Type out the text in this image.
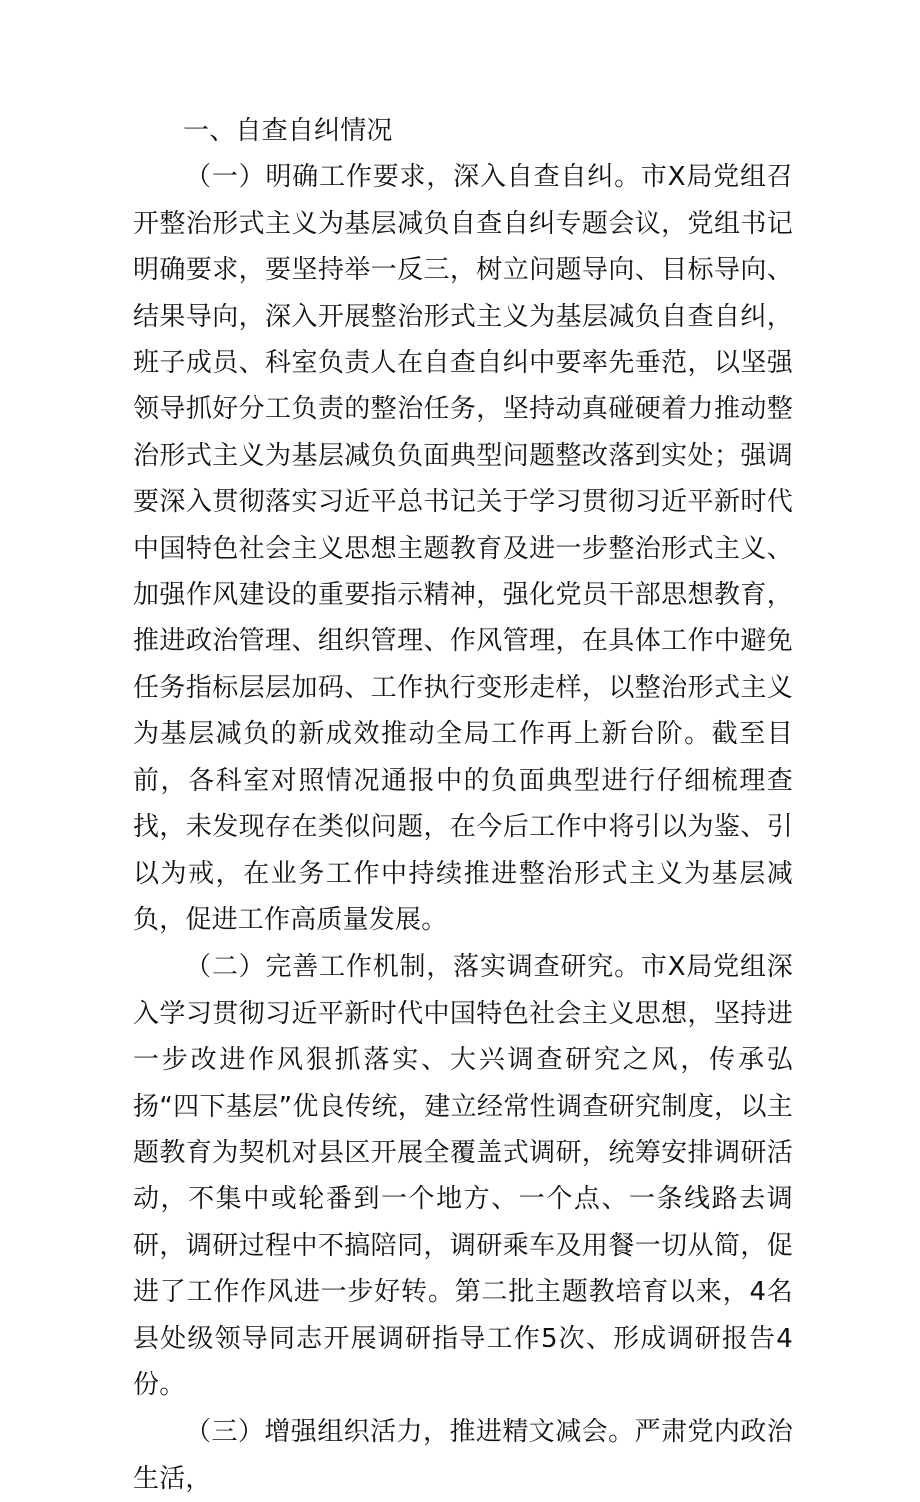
一、自查自纠情况

（一）明确工作要求，深入自查自纠。市X局党组召开整治形式主义为基层减负自查自纠专题会议，党组书记明确要求，要坚持举一反三，树立问题导向、目标导向、结果导向，深入开展整治形式主义为基层减负自查自纠，班子成员、科室负责人在自查自纠中要率先垂范，以坚强领导抓好分工负责的整治任务，坚持动真碰硬着力推动整治形式主义为基层减负负面典型问题整改落到实处；强调要深入贯彻落实习近平总书记关于学习贯彻习近平新时代中国特色社会主义思想主题教育及进一步整治形式主义、加强作风建设的重要指示精神，强化党员干部思想教育，推进政治管理、组织管理、作风管理，在具体工作中避免任务指标层层加码、工作执行变形走样，以整治形式主义为基层减负的新成效推动全局工作再上新台阶。截至目前，各科室对照情况通报中的负面典型进行仔细梳理查找，未发现存在类似问题，在今后工作中将引以为鉴、引以为戒，在业务工作中持续推进整治形式主义为基层减负，促进工作高质量发展。

（二）完善工作机制，落实调查研究。市X局党组深入学习贯彻习近平新时代中国特色社会主义思想，坚持进一步改进作风狠抓落实、大兴调查研究之风，传承弘扬“四下基层”优良传统，建立经常性调查研究制度，以主题教育为契机对县区开展全覆盖式调研，统筹安排调研活动，不集中或轮番到一个地方、一个点、一条线路去调研，调研过程中不搞陪同，调研乘车及用餐一切从简，促进了工作作风进一步好转。第二批主题教培育以来，4名县处级领导同志开展调研指导工作5次、形成调研报告4份。

（三）增强组织活力，推进精文减会。严肃党内政治生活，
